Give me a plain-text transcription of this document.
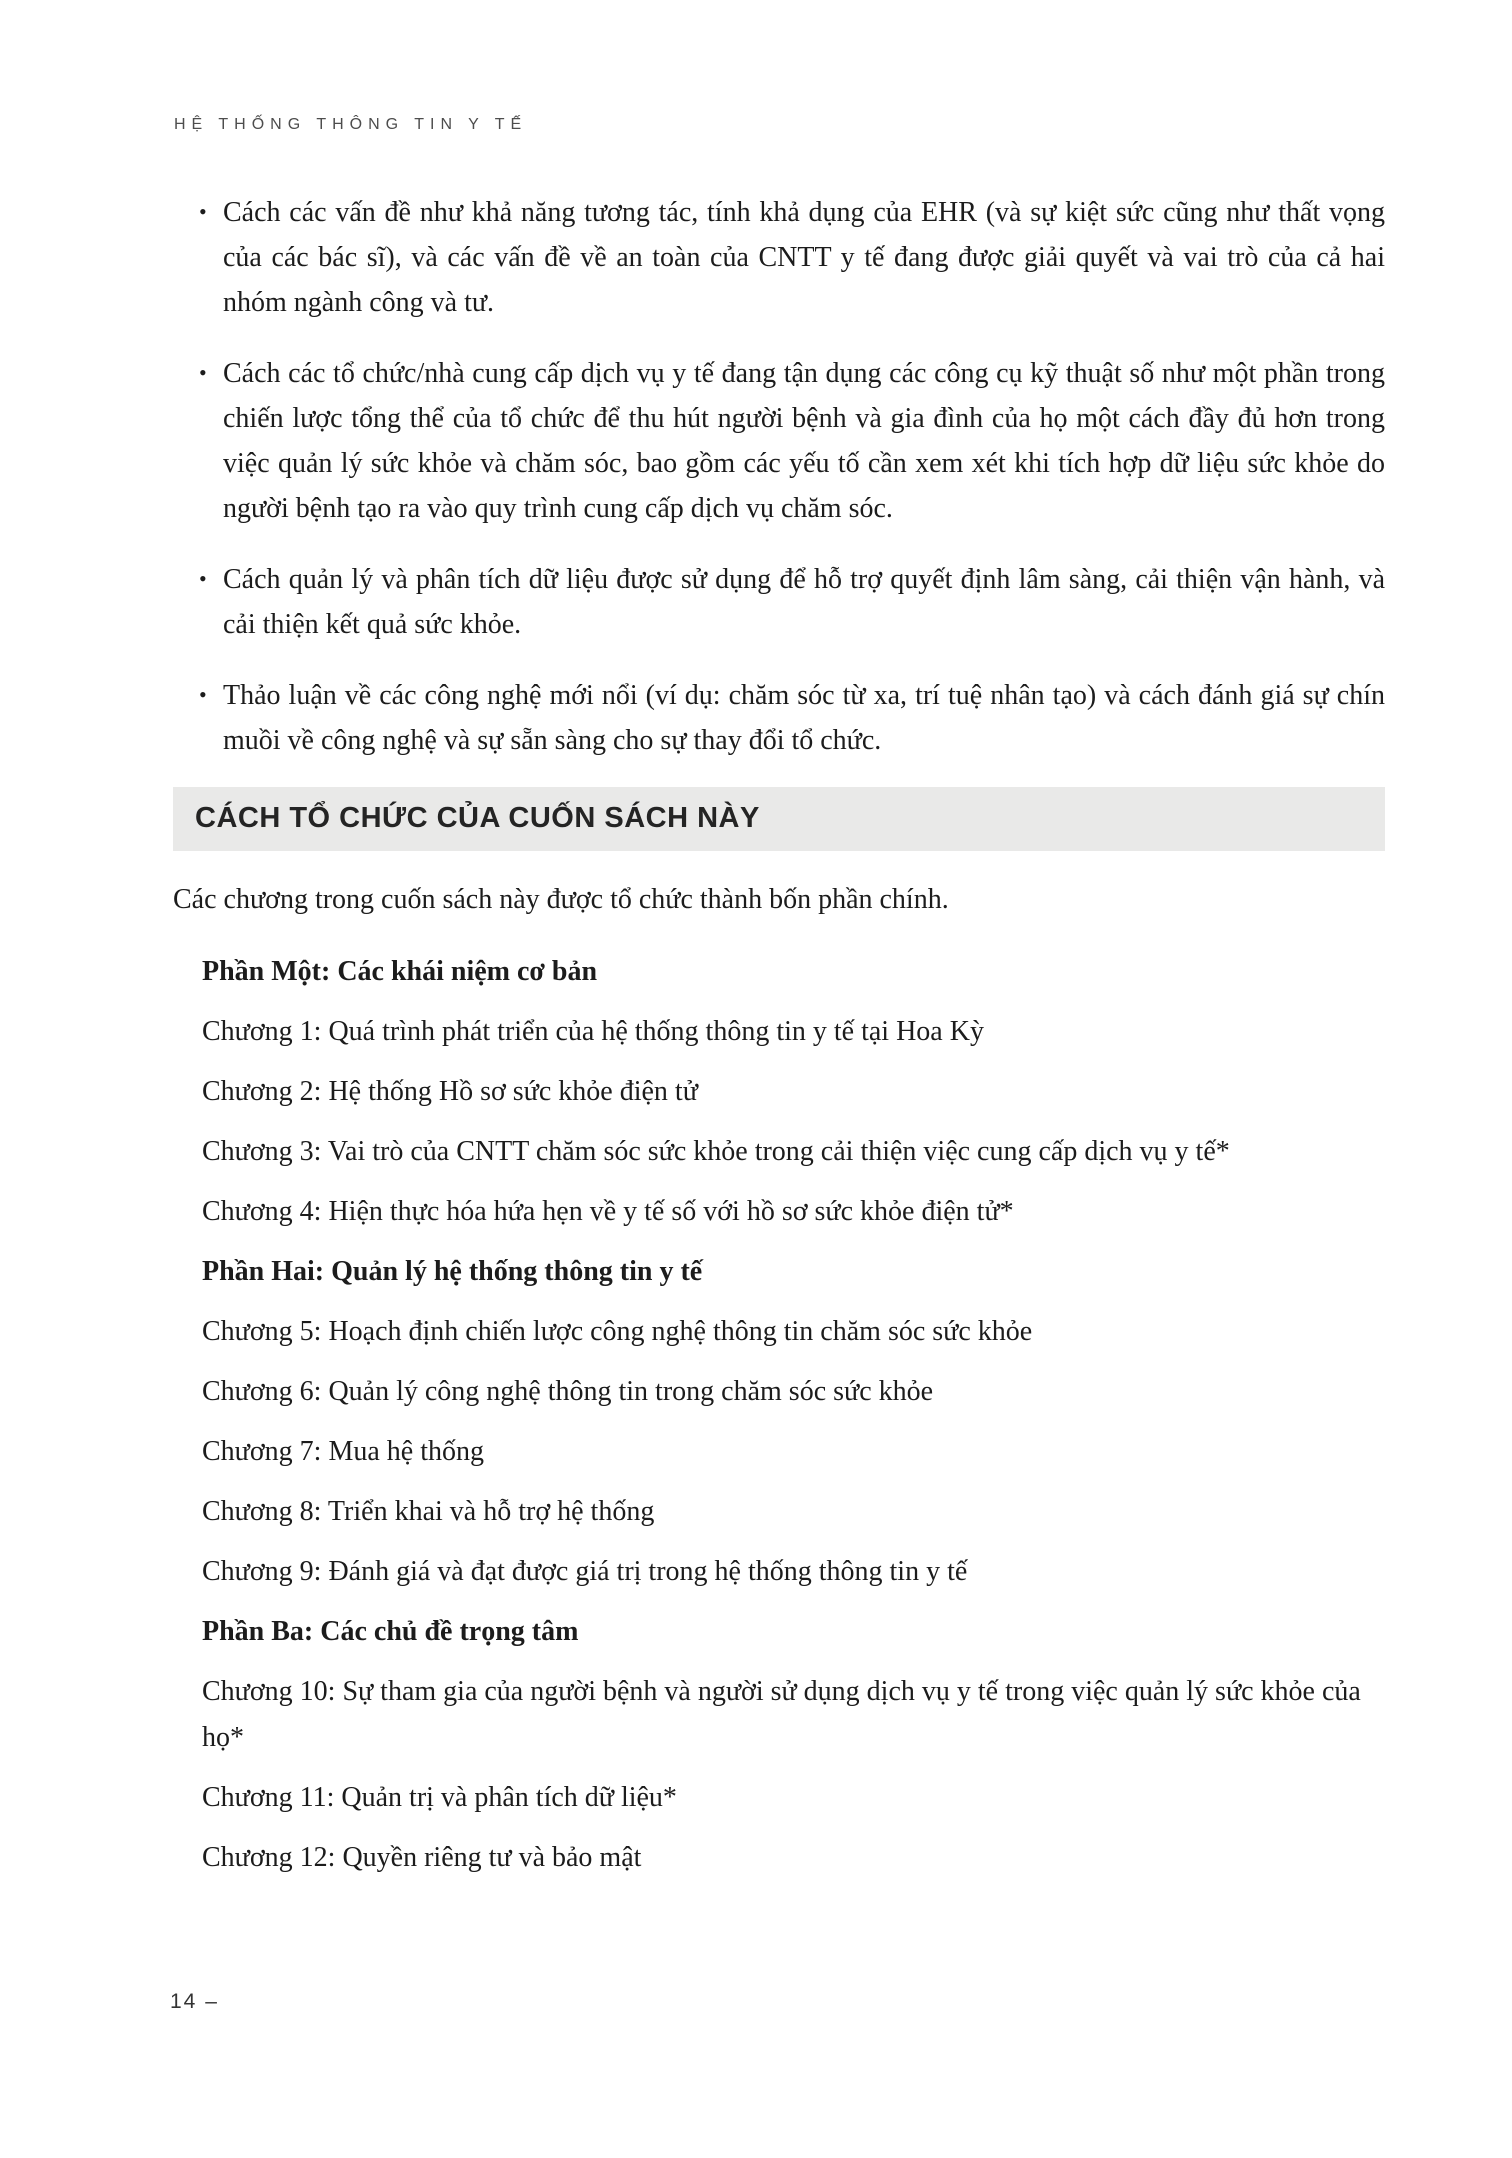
HỆ THỐNG THÔNG TIN Y TẾ
• Cách các vấn đề như khả năng tương tác, tính khả dụng của EHR (và sự kiệt sức cũng như thất vọng của các bác sĩ), và các vấn đề về an toàn của CNTT y tế đang được giải quyết và vai trò của cả hai nhóm ngành công và tư.
• Cách các tổ chức/nhà cung cấp dịch vụ y tế đang tận dụng các công cụ kỹ thuật số như một phần trong chiến lược tổng thể của tổ chức để thu hút người bệnh và gia đình của họ một cách đầy đủ hơn trong việc quản lý sức khỏe và chăm sóc, bao gồm các yếu tố cần xem xét khi tích hợp dữ liệu sức khỏe do người bệnh tạo ra vào quy trình cung cấp dịch vụ chăm sóc.
• Cách quản lý và phân tích dữ liệu được sử dụng để hỗ trợ quyết định lâm sàng, cải thiện vận hành, và cải thiện kết quả sức khỏe.
• Thảo luận về các công nghệ mới nổi (ví dụ: chăm sóc từ xa, trí tuệ nhân tạo) và cách đánh giá sự chín muồi về công nghệ và sự sẵn sàng cho sự thay đổi tổ chức.
CÁCH TỔ CHỨC CỦA CUỐN SÁCH NÀY

Các chương trong cuốn sách này được tổ chức thành bốn phần chính.

Phần Một: Các khái niệm cơ bản

Chương 1: Quá trình phát triển của hệ thống thông tin y tế tại Hoa Kỳ

Chương 2: Hệ thống Hồ sơ sức khỏe điện tử

Chương 3: Vai trò của CNTT chăm sóc sức khỏe trong cải thiện việc cung cấp dịch vụ y tế*

Chương 4: Hiện thực hóa hứa hẹn về y tế số với hồ sơ sức khỏe điện tử*

Phần Hai: Quản lý hệ thống thông tin y tế

Chương 5: Hoạch định chiến lược công nghệ thông tin chăm sóc sức khỏe

Chương 6: Quản lý công nghệ thông tin trong chăm sóc sức khỏe

Chương 7: Mua hệ thống

Chương 8: Triển khai và hỗ trợ hệ thống

Chương 9: Đánh giá và đạt được giá trị trong hệ thống thông tin y tế

Phần Ba: Các chủ đề trọng tâm

Chương 10: Sự tham gia của người bệnh và người sử dụng dịch vụ y tế trong việc quản lý sức khỏe của họ*

Chương 11: Quản trị và phân tích dữ liệu*

Chương 12: Quyền riêng tư và bảo mật

14 –
